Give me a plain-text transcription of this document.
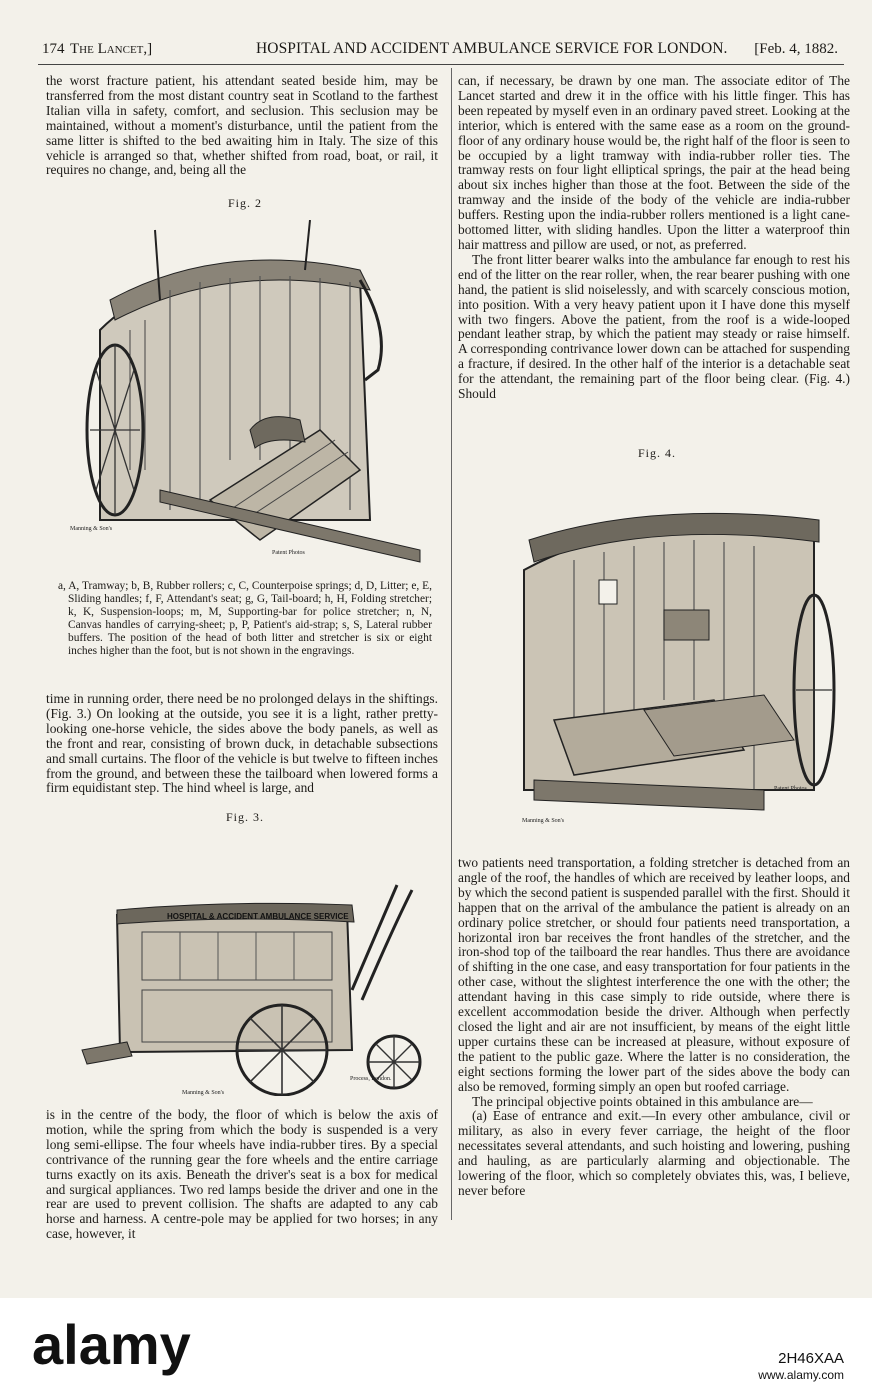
174 The Lancet,]	HOSPITAL AND ACCIDENT AMBULANCE SERVICE FOR LONDON. [Feb. 4, 1882.

the worst fracture patient, his attendant seated beside him, may be transferred from the most distant country seat in Scotland to the farthest Italian villa in safety, comfort, and seclusion. This seclusion may be maintained, without a moment's disturbance, until the patient from the same litter is shifted to the bed awaiting him in Italy. The size of this vehicle is arranged so that, whether shifted from road, boat, or rail, it requires no change, and, being all the

Fig. 2
Manning & Son's
Patent Photos
a, A, Tramway; b, B, Rubber rollers; c, C, Counterpoise springs; d, D, Litter; e, E, Sliding handles; f, F, Attendant's seat; g, G, Tail-board; h, H, Folding stretcher; k, K, Suspension-loops; m, M, Supporting-bar for police stretcher; n, N, Canvas handles of carrying-sheet; p, P, Patient's aid-strap; s, S, Lateral rubber buffers. The position of the head of both litter and stretcher is six or eight inches higher than the foot, but is not shown in the engravings.

time in running order, there need be no prolonged delays in the shiftings. (Fig. 3.) On looking at the outside, you see it is a light, rather pretty-looking one-horse vehicle, the sides above the body panels, as well as the front and rear, consisting of brown duck, in detachable subsections and small curtains. The floor of the vehicle is but twelve to fifteen inches from the ground, and between these the tailboard when lowered forms a firm equidistant step. The hind wheel is large, and

Fig. 3.
HOSPITAL & ACCIDENT AMBULANCE SERVICE
Manning & Son's
Process, London.

is in the centre of the body, the floor of which is below the axis of motion, while the spring from which the body is suspended is a very long semi-ellipse. The four wheels have india-rubber tires. By a special contrivance of the running gear the fore wheels and the entire carriage turns exactly on its axis. Beneath the driver's seat is a box for medical and surgical appliances. Two red lamps beside the driver and one in the rear are used to prevent collision. The shafts are adapted to any cab horse and harness. A centre-pole may be applied for two horses; in any case, however, it

can, if necessary, be drawn by one man. The associate editor of The Lancet started and drew it in the office with his little finger. This has been repeated by myself even in an ordinary paved street. Looking at the interior, which is entered with the same ease as a room on the ground-floor of any ordinary house would be, the right half of the floor is seen to be occupied by a light tramway with india-rubber roller ties. The tramway rests on four light elliptical springs, the pair at the head being about six inches higher than those at the foot. Between the side of the tramway and the inside of the body of the vehicle are india-rubber buffers. Resting upon the india-rubber rollers mentioned is a light cane-bottomed litter, with sliding handles. Upon the litter a waterproof thin hair mattress and pillow are used, or not, as preferred.

The front litter bearer walks into the ambulance far enough to rest his end of the litter on the rear roller, when, the rear bearer pushing with one hand, the patient is slid noiselessly, and with scarcely conscious motion, into position. With a very heavy patient upon it I have done this myself with two fingers. Above the patient, from the roof is a wide-looped pendant leather strap, by which the patient may steady or raise himself. A corresponding contrivance lower down can be attached for suspending a fracture, if desired. In the other half of the interior is a detachable seat for the attendant, the remaining part of the floor being clear. (Fig. 4.) Should

Fig. 4.
Manning & Son's
Patent Photos

two patients need transportation, a folding stretcher is detached from an angle of the roof, the handles of which are received by leather loops, and by which the second patient is suspended parallel with the first. Should it happen that on the arrival of the ambulance the patient is already on an ordinary police stretcher, or should four patients need transportation, a horizontal iron bar receives the front handles of the stretcher, and the iron-shod top of the tailboard the rear handles. Thus there are avoidance of shifting in the one case, and easy transportation for four patients in the other case, without the slightest interference the one with the other; the attendant having in this case simply to ride outside, where there is excellent accommodation beside the driver. Although when perfectly closed the light and air are not insufficient, by means of the eight little upper curtains these can be increased at pleasure, without exposure of the patient to the public gaze. Where the latter is no consideration, the eight sections forming the lower part of the sides above the body can also be removed, forming simply an open but roofed carriage.

The principal objective points obtained in this ambulance are—

(a) Ease of entrance and exit.—In every other ambulance, civil or military, as also in every fever carriage, the height of the floor necessitates several attendants, and such hoisting and lowering, pushing and hauling, as are particularly alarming and objectionable. The lowering of the floor, which so completely obviates this, was, I believe, never before

alamy	2H46XAA
www.alamy.com
